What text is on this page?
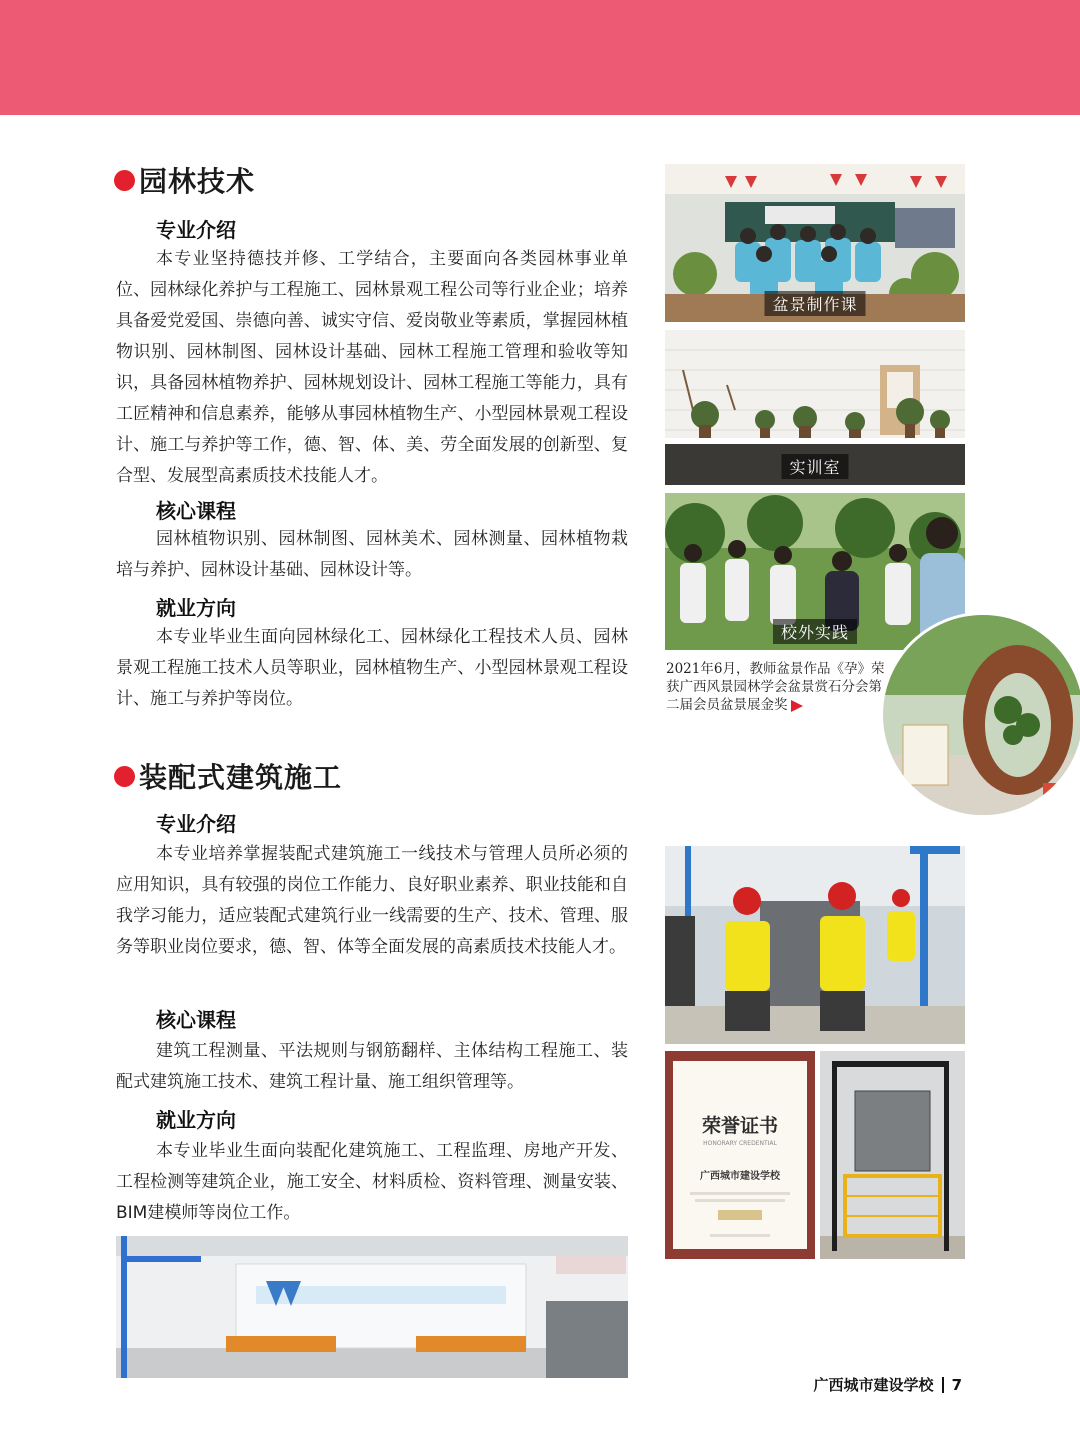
园林技术
专业介绍

本专业坚持德技并修、工学结合，主要面向各类园林事业单位、园林绿化养护与工程施工、园林景观工程公司等行业企业；培养具备爱党爱国、崇德向善、诚实守信、爱岗敬业等素质，掌握园林植物识别、园林制图、园林设计基础、园林工程施工管理和验收等知识，具备园林植物养护、园林规划设计、园林工程施工等能力，具有工匠精神和信息素养，能够从事园林植物生产、小型园林景观工程设计、施工与养护等工作，德、智、体、美、劳全面发展的创新型、复合型、发展型高素质技术技能人才。

核心课程

园林植物识别、园林制图、园林美术、园林测量、园林植物栽培与养护、园林设计基础、园林设计等。

就业方向

本专业毕业生面向园林绿化工、园林绿化工程技术人员、园林景观工程施工技术人员等职业，园林植物生产、小型园林景观工程设计、施工与养护等岗位。

盆景制作课
实训室
校外实践

2021年6月，教师盆景作品《孕》荣获广西风景园林学会盆景赏石分会第二届会员盆景展金奖

装配式建筑施工
专业介绍

本专业培养掌握装配式建筑施工一线技术与管理人员所必须的应用知识，具有较强的岗位工作能力、良好职业素养、职业技能和自我学习能力，适应装配式建筑行业一线需要的生产、技术、管理、服务等职业岗位要求，德、智、体等全面发展的高素质技术技能人才。

核心课程

建筑工程测量、平法规则与钢筋翻样、主体结构工程施工、装配式建筑施工技术、建筑工程计量、施工组织管理等。

就业方向

本专业毕业生面向装配化建筑施工、工程监理、房地产开发、工程检测等建筑企业，施工安全、材料质检、资料管理、测量安装、BIM建模师等岗位工作。

荣誉证书
HONORARY CREDENTIAL
广西城市建设学校
广西城市建设学校 7
